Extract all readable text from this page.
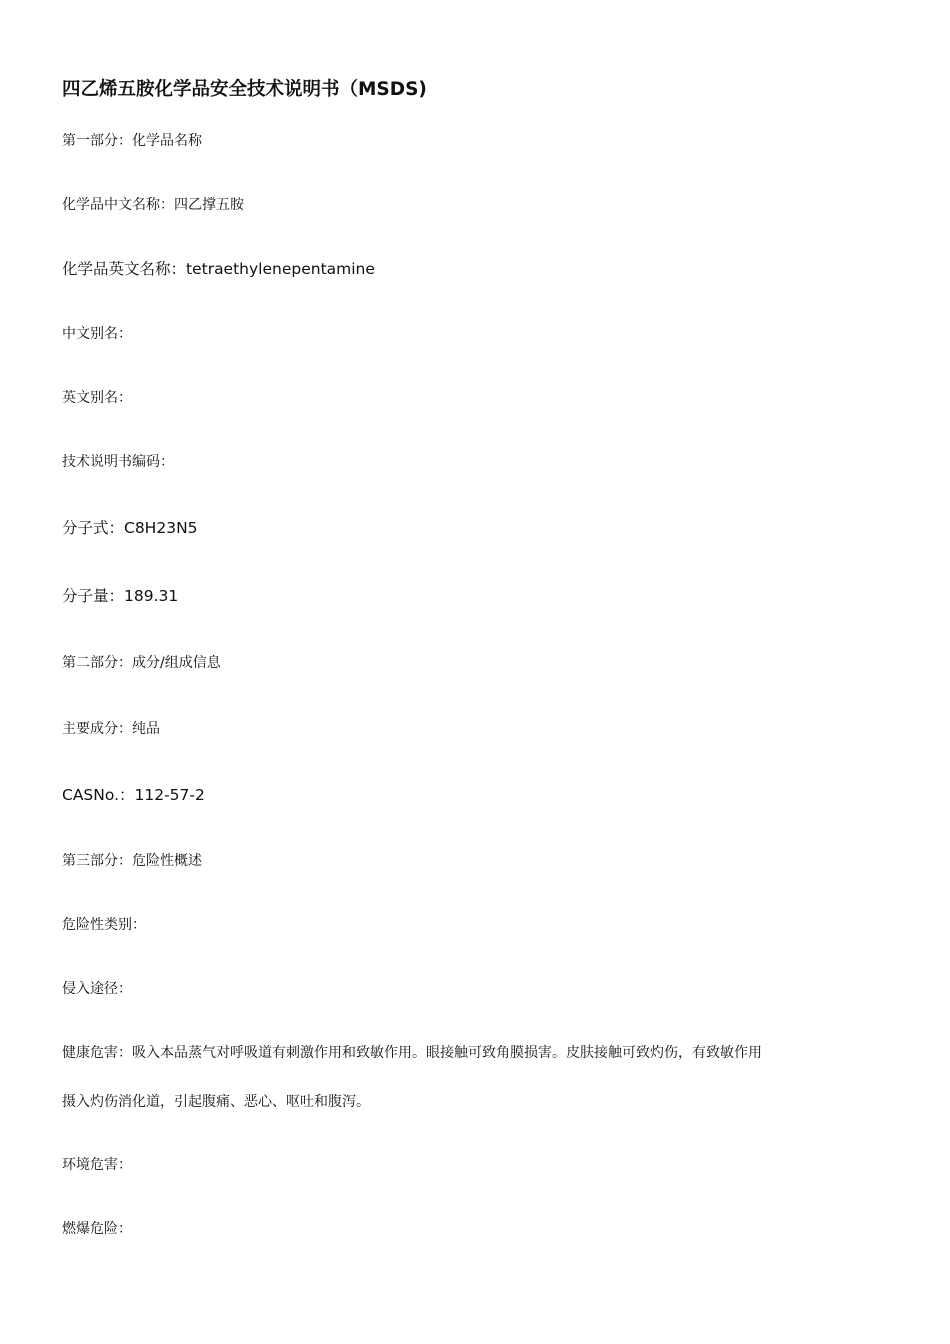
四乙烯五胺化学品安全技术说明书（MSDS)

第一部分：化学品名称

化学品中文名称：四乙撑五胺

化学品英文名称：tetraethylenepentamine

中文别名：

英文别名：

技术说明书编码：

分子式：C8H23N5

分子量：189.31

第二部分：成分/组成信息

主要成分：纯品

CASNo.：112-57-2

第三部分：危险性概述

危险性类别：

侵入途径：

健康危害：吸入本品蒸气对呼吸道有刺激作用和致敏作用。眼接触可致角膜损害。皮肤接触可致灼伤，有致敏作用

摄入灼伤消化道，引起腹痛、恶心、呕吐和腹泻。

环境危害：

燃爆危险：
